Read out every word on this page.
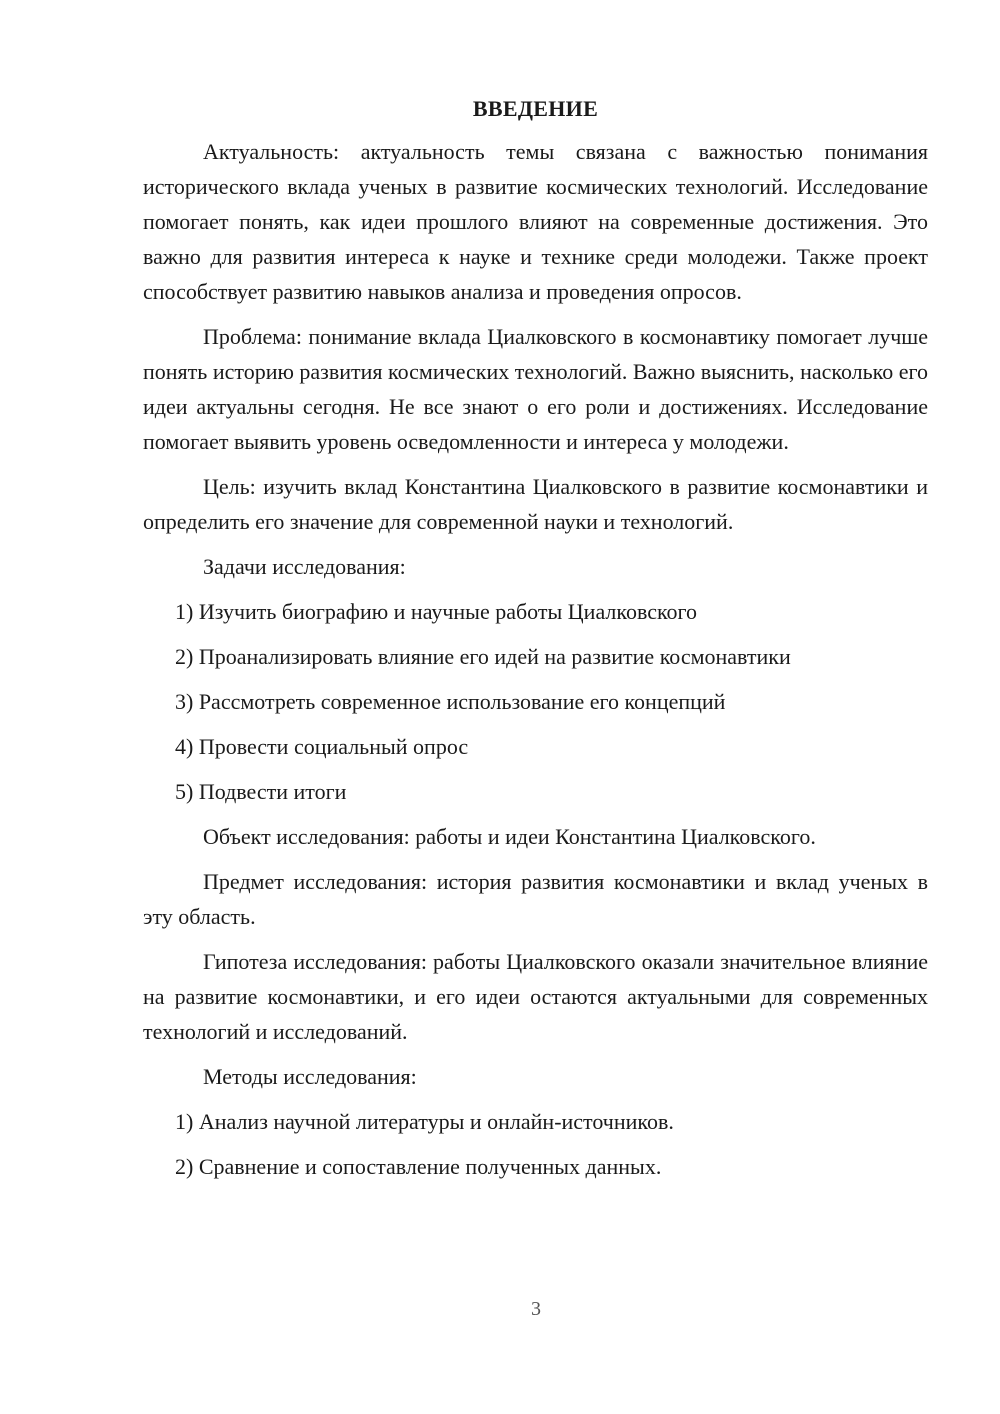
ВВЕДЕНИЕ

Актуальность: актуальность темы связана с важностью понимания исторического вклада ученых в развитие космических технологий. Исследование помогает понять, как идеи прошлого влияют на современные достижения. Это важно для развития интереса к науке и технике среди молодежи. Также проект способствует развитию навыков анализа и проведения опросов.

Проблема: понимание вклада Циалковского в космонавтику помогает лучше понять историю развития космических технологий. Важно выяснить, насколько его идеи актуальны сегодня. Не все знают о его роли и достижениях. Исследование помогает выявить уровень осведомленности и интереса у молодежи.

Цель: изучить вклад Константина Циалковского в развитие космонавтики и определить его значение для современной науки и технологий.

Задачи исследования:
1) Изучить биографию и научные работы Циалковского
2) Проанализировать влияние его идей на развитие космонавтики
3) Рассмотреть современное использование его концепций
4) Провести социальный опрос
5) Подвести итоги

Объект исследования: работы и идеи Константина Циалковского.

Предмет исследования: история развития космонавтики и вклад ученых в эту область.

Гипотеза исследования: работы Циалковского оказали значительное влияние на развитие космонавтики, и его идеи остаются актуальными для современных технологий и исследований.

Методы исследования:
1) Анализ научной литературы и онлайн-источников.
2) Сравнение и сопоставление полученных данных.
3
